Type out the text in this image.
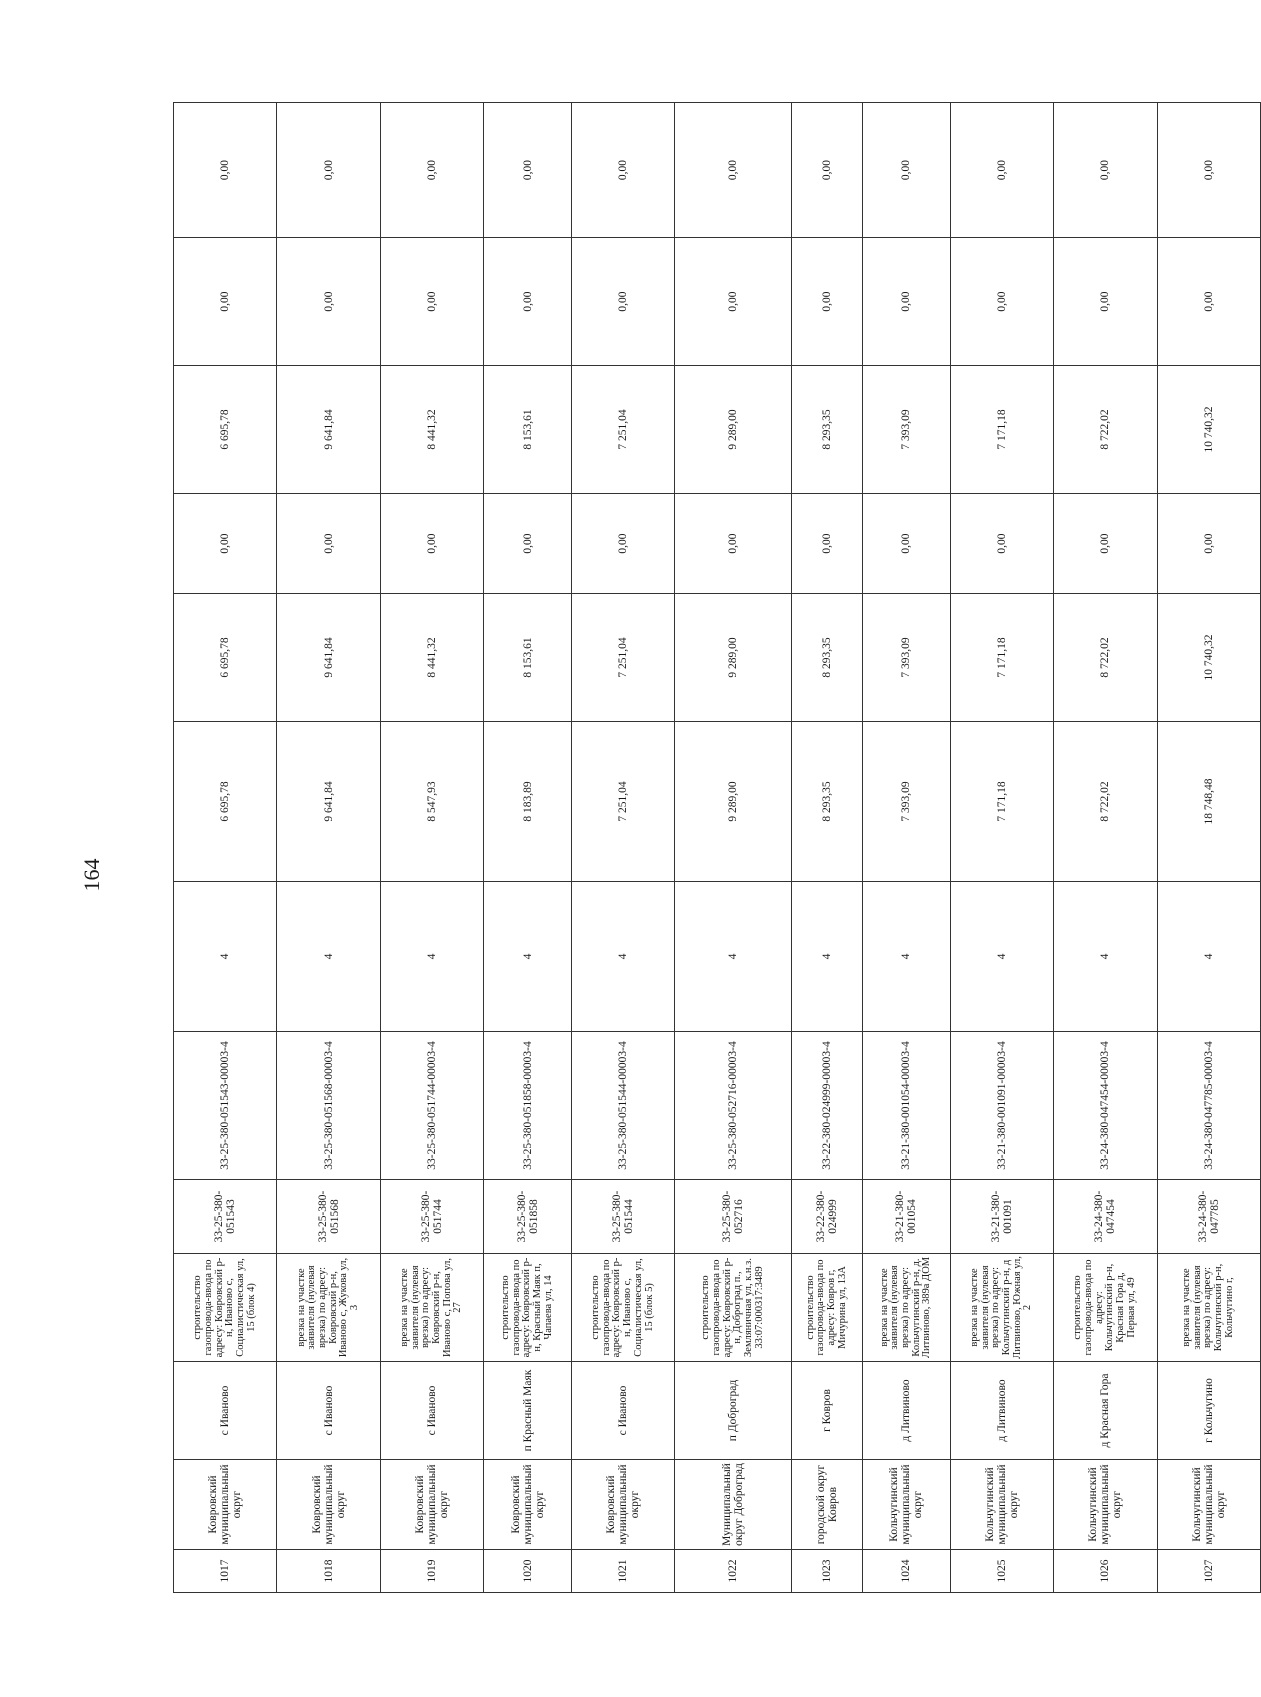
164
1017	Ковровский муниципальный округ	с Иваново	строительство газопровода-ввода по адресу: Ковровский р-н, Иваново с, Социалистическая ул, 15 (блок 4)	33-25-380-051543	33-25-380-051543-00003-4	4	6 695,78	6 695,78	0,00	6 695,78	0,00	0,00
1018	Ковровский муниципальный округ	с Иваново	врезка на участке заявителя (нулевая врезка) по адресу: Ковровский р-н, Иваново с, Жукова ул, 3	33-25-380-051568	33-25-380-051568-00003-4	4	9 641,84	9 641,84	0,00	9 641,84	0,00	0,00
1019	Ковровский муниципальный округ	с Иваново	врезка на участке заявителя (нулевая врезка) по адресу: Ковровский р-н, Иваново с, Попова ул, 27	33-25-380-051744	33-25-380-051744-00003-4	4	8 547,93	8 441,32	0,00	8 441,32	0,00	0,00
1020	Ковровский муниципальный округ	п Красный Маяк	строительство газопровода-ввода по адресу: Ковровский р-н, Красный Маяк п, Чапаева ул, 14	33-25-380-051858	33-25-380-051858-00003-4	4	8 183,89	8 153,61	0,00	8 153,61	0,00	0,00
1021	Ковровский муниципальный округ	с Иваново	строительство газопровода-ввода по адресу: Ковровский р-н, Иваново с, Социалистическая ул, 15 (блок 5)	33-25-380-051544	33-25-380-051544-00003-4	4	7 251,04	7 251,04	0,00	7 251,04	0,00	0,00
1022	Муниципальный округ Доброград	п Доброград	строительство газопровода-ввода по адресу: Ковровский р-н, Доброград п., Земляничная ул, к.н.з. 33:07:000317:3489	33-25-380-052716	33-25-380-052716-00003-4	4	9 289,00	9 289,00	0,00	9 289,00	0,00	0,00
1023	городской округ Ковров	г Ковров	строительство газопровода-ввода по адресу: Ковров г, Мичурина ул, 13А	33-22-380-024999	33-22-380-024999-00003-4	4	8 293,35	8 293,35	0,00	8 293,35	0,00	0,00
1024	Кольчугинский муниципальный округ	д Литвиново	врезка на участке заявителя (нулевая врезка) по адресу: Кольчугинский р-н, д. Литвиново, 389а ДОМ	33-21-380-001054	33-21-380-001054-00003-4	4	7 393,09	7 393,09	0,00	7 393,09	0,00	0,00
1025	Кольчугинский муниципальный округ	д Литвиново	врезка на участке заявителя (нулевая врезка) по адресу: Кольчугинский р-н, д Литвиново, Южная ул, 2	33-21-380-001091	33-21-380-001091-00003-4	4	7 171,18	7 171,18	0,00	7 171,18	0,00	0,00
1026	Кольчугинский муниципальный округ	д Красная Гора	строительство газопровода-ввода по адресу: Кольчугинский р-н, Красная Гора д, Первая ул, 49	33-24-380-047454	33-24-380-047454-00003-4	4	8 722,02	8 722,02	0,00	8 722,02	0,00	0,00
1027	Кольчугинский муниципальный округ	г Кольчугино	врезка на участке заявителя (нулевая врезка) по адресу: Кольчугинский р-н, Кольчугино г,	33-24-380-047785	33-24-380-047785-00003-4	4	18 748,48	10 740,32	0,00	10 740,32	0,00	0,00
